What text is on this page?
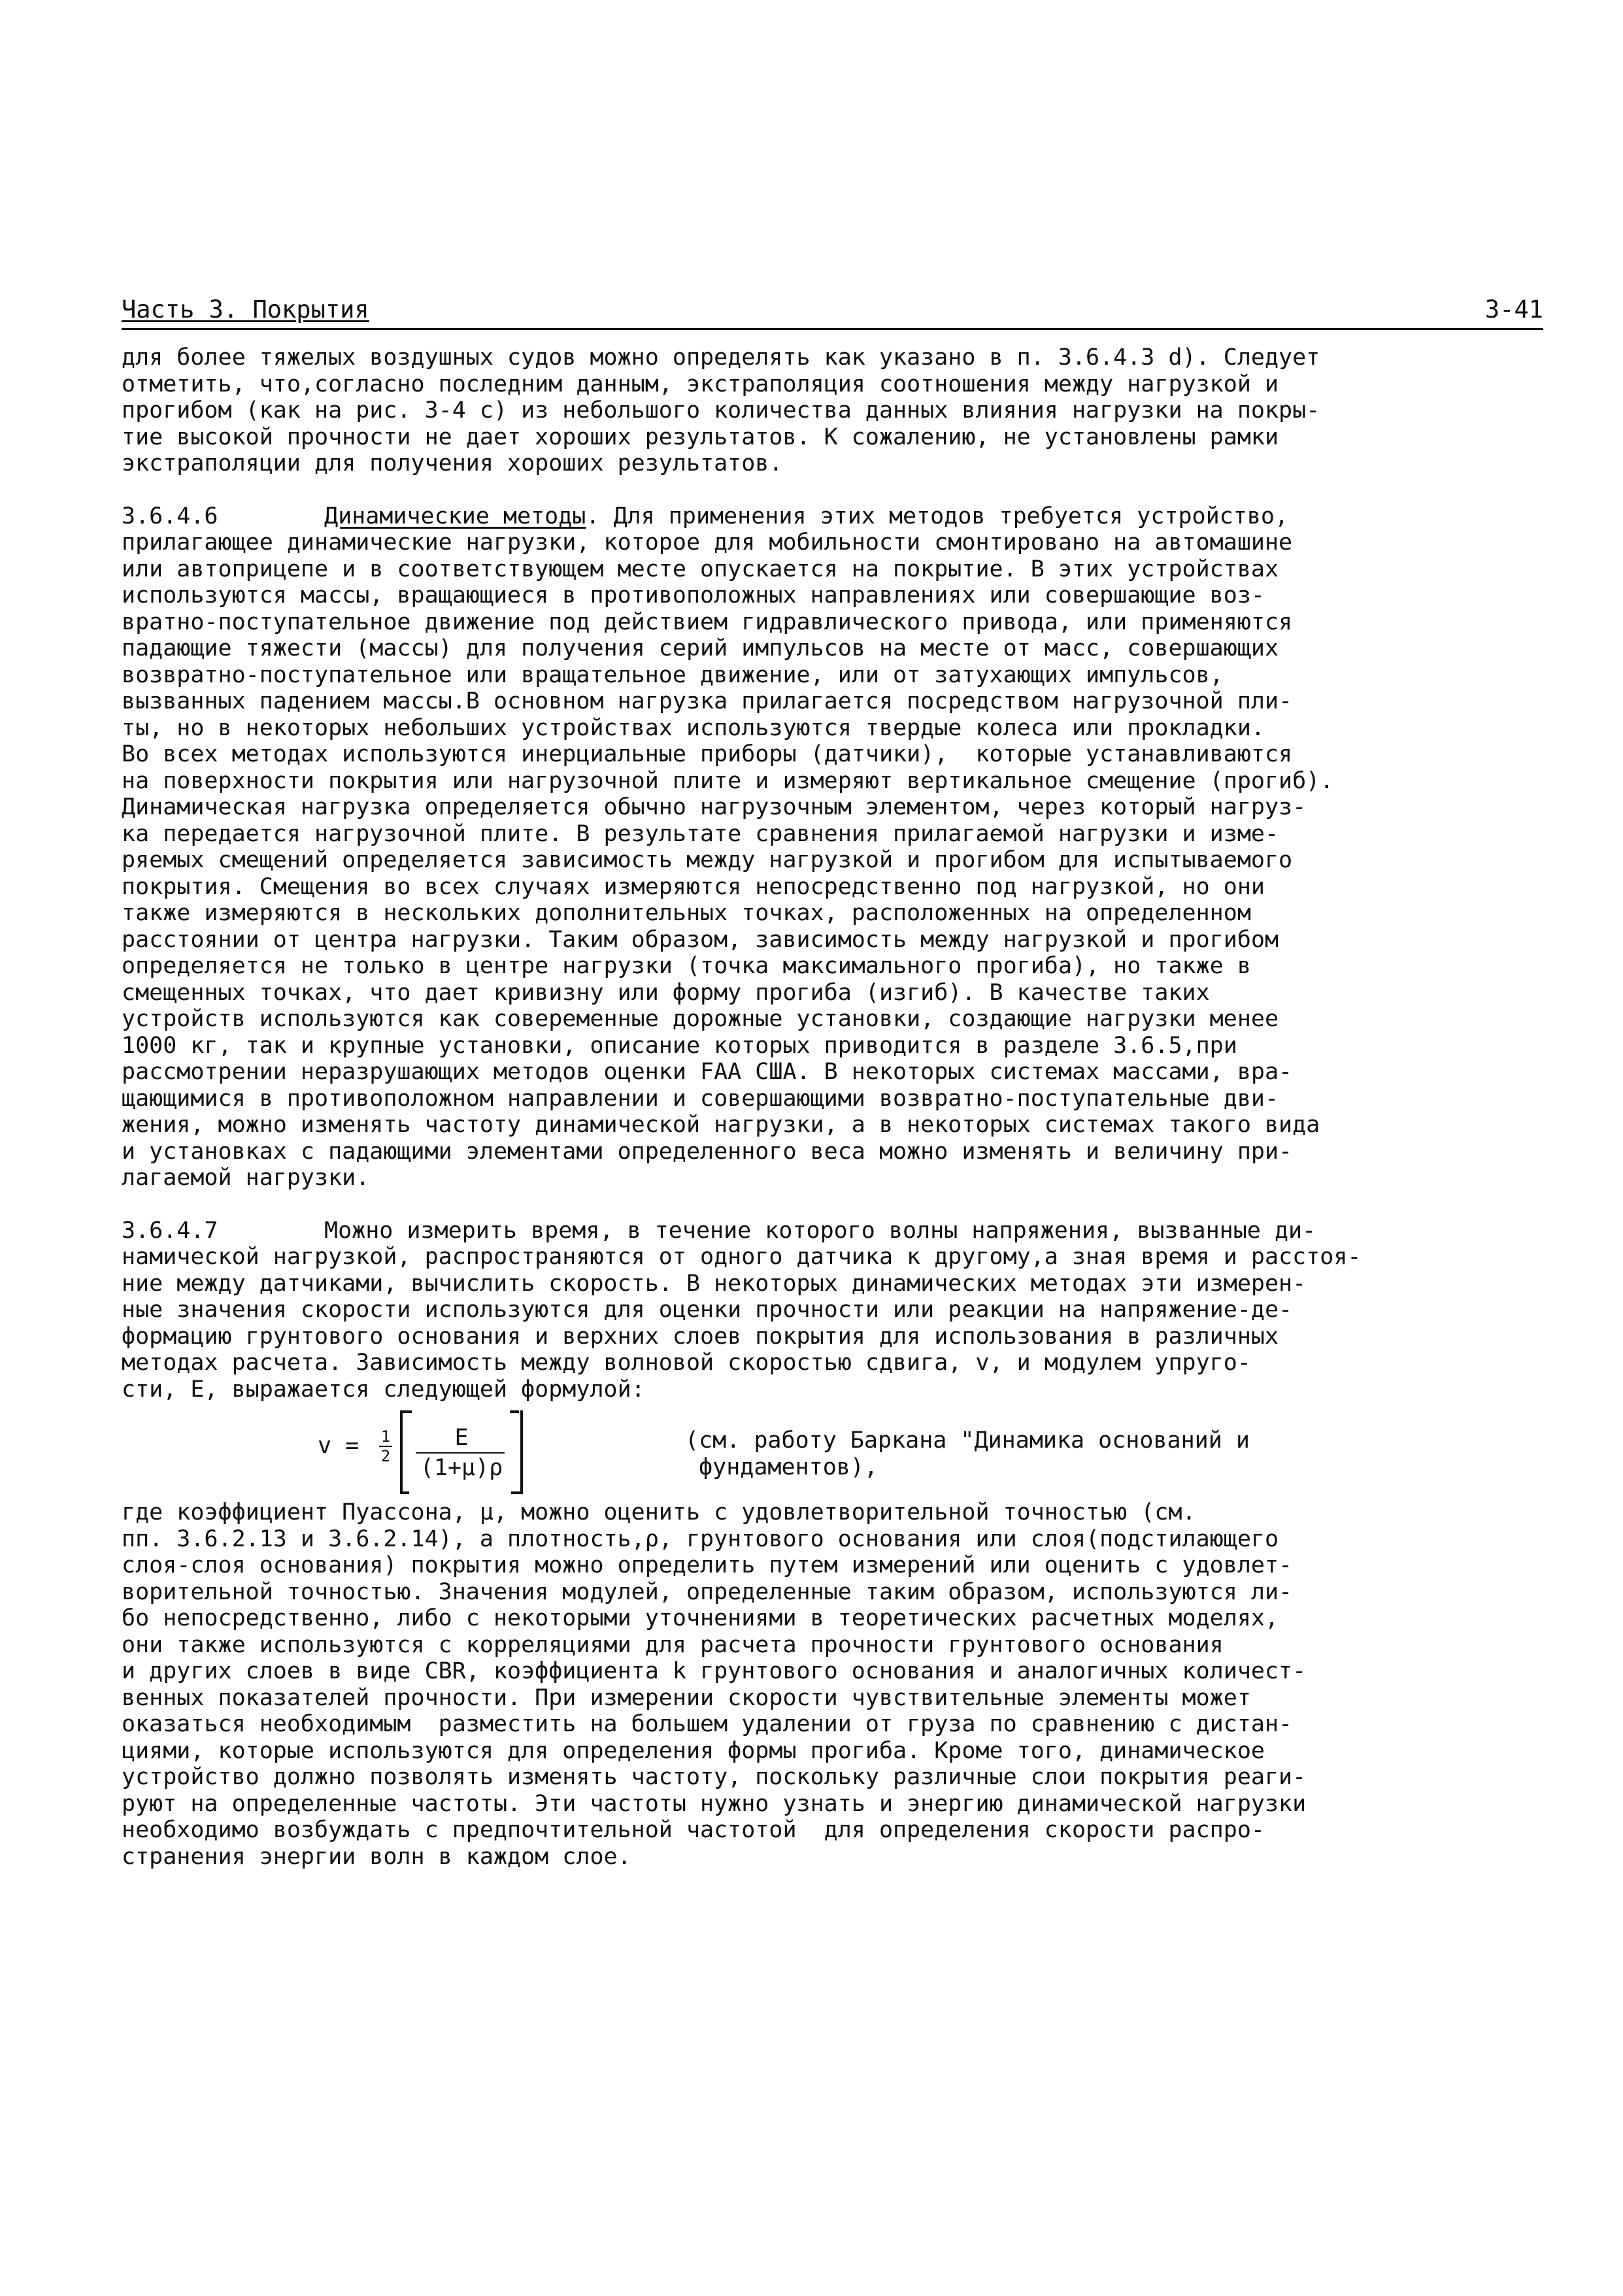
Часть 3. Покрытия	3-41

для более тяжелых воздушных судов можно определять как указано в п. 3.6.4.3 d). Следует
отметить, что,согласно последним данным, экстраполяция соотношения между нагрузкой и
прогибом (как на рис. 3-4 с) из небольшого количества данных влияния нагрузки на покры-
тие высокой прочности не дает хороших результатов. К сожалению, не установлены рамки
экстраполяции для получения хороших результатов.

3.6.4.6	Динамические методы. Для применения этих методов требуется устройство,
прилагающее динамические нагрузки, которое для мобильности смонтировано на автомашине
или автоприцепе и в соответствующем месте опускается на покрытие. В этих устройствах
используются массы, вращающиеся в противоположных направлениях или совершающие воз-
вратно-поступательное движение под действием гидравлического привода, или применяются
падающие тяжести (массы) для получения серий импульсов на месте от масс, совершающих
возвратно-поступательное или вращательное движение, или от затухающих импульсов,
вызванных падением массы.В основном нагрузка прилагается посредством нагрузочной пли-
ты, но в некоторых небольших устройствах используются твердые колеса или прокладки.
Во всех методах используются инерциальные приборы (датчики),  которые устанавливаются
на поверхности покрытия или нагрузочной плите и измеряют вертикальное смещение (прогиб).
Динамическая нагрузка определяется обычно нагрузочным элементом, через который нагруз-
ка передается нагрузочной плите. В результате сравнения прилагаемой нагрузки и изме-
ряемых смещений определяется зависимость между нагрузкой и прогибом для испытываемого
покрытия. Смещения во всех случаях измеряются непосредственно под нагрузкой, но они
также измеряются в нескольких дополнительных точках, расположенных на определенном
расстоянии от центра нагрузки. Таким образом, зависимость между нагрузкой и прогибом
определяется не только в центре нагрузки (точка максимального прогиба), но также в
смещенных точках, что дает кривизну или форму прогиба (изгиб). В качестве таких
устройств используются как совеременные дорожные установки, создающие нагрузки менее
1000 кг, так и крупные установки, описание которых приводится в разделе 3.6.5,при
рассмотрении неразрушающих методов оценки FAA США. В некоторых системах массами, вра-
щающимися в противоположном направлении и совершающими возвратно-поступательные дви-
жения, можно изменять частоту динамической нагрузки, а в некоторых системах такого вида
и установках с падающими элементами определенного веса можно изменять и величину при-
лагаемой нагрузки.

3.6.4.7	Можно измерить время, в течение которого волны напряжения, вызванные ди-
намической нагрузкой, распространяются от одного датчика к другому,а зная время и расстоя-
ние между датчиками, вычислить скорость. В некоторых динамических методах эти измерен-
ные значения скорости используются для оценки прочности или реакции на напряжение-де-
формацию грунтового основания и верхних слоев покрытия для использования в различных
методах расчета. Зависимость между волновой скоростью сдвига, v, и модулем упруго-
сти, E, выражается следующей формулой:

v = 1
2
E
(1+μ)ρ
(см. работу Баркана "Динамика оснований и
фундаментов),

где коэффициент Пуассона, μ, можно оценить с удовлетворительной точностью (см.
пп. 3.6.2.13 и 3.6.2.14), а плотность,ρ, грунтового основания или слоя(подстилающего
слоя-слоя основания) покрытия можно определить путем измерений или оценить с удовлет-
ворительной точностью. Значения модулей, определенные таким образом, используются ли-
бо непосредственно, либо с некоторыми уточнениями в теоретических расчетных моделях,
они также используются с корреляциями для расчета прочности грунтового основания
и других слоев в виде CBR, коэффициента k грунтового основания и аналогичных количест-
венных показателей прочности. При измерении скорости чувствительные элементы может
оказаться необходимым  разместить на большем удалении от груза по сравнению с дистан-
циями, которые используются для определения формы прогиба. Кроме того, динамическое
устройство должно позволять изменять частоту, поскольку различные слои покрытия реаги-
руют на определенные частоты. Эти частоты нужно узнать и энергию динамической нагрузки
необходимо возбуждать с предпочтительной частотой  для определения скорости распро-
странения энергии волн в каждом слое.
